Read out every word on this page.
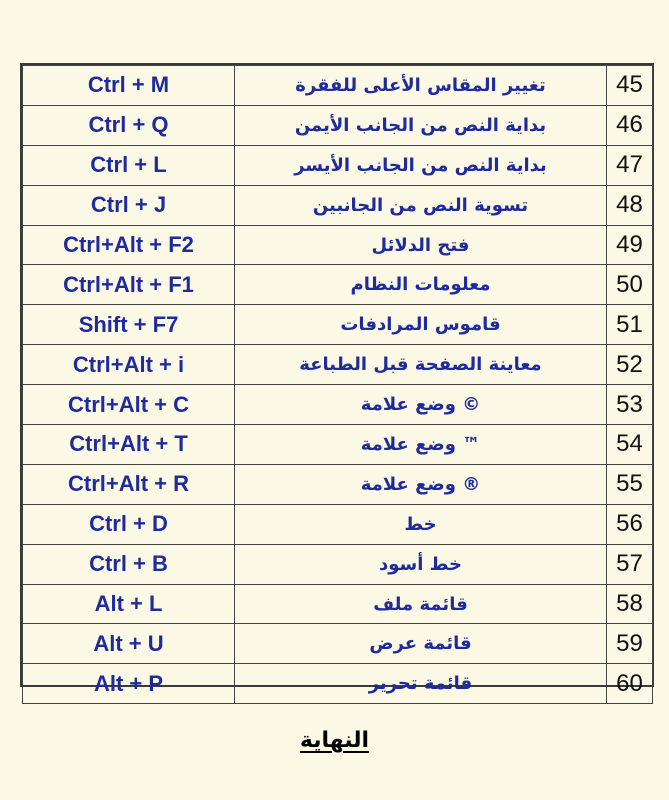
Ctrl + M	تغيير المقاس الأعلى للفقرة	45
Ctrl + Q	بداية النص من الجانب الأيمن	46
Ctrl + L	بداية النص من الجانب الأيسر	47
Ctrl + J	تسوية النص من الجانبين	48
Ctrl+Alt + F2	فتح الدلائل	49
Ctrl+Alt + F1	معلومات النظام	50
Shift + F7	قاموس المرادفات	51
Ctrl+Alt + i	معاينة الصفحة قبل الطباعة	52
Ctrl+Alt + C	© وضع علامة	53
Ctrl+Alt + T	™ وضع علامة	54
Ctrl+Alt + R	® وضع علامة	55
Ctrl + D	خط	56
Ctrl + B	خط أسود	57
Alt + L	قائمة ملف	58
Alt + U	قائمة عرض	59
Alt + P	قائمة تحرير	60
النهاية
